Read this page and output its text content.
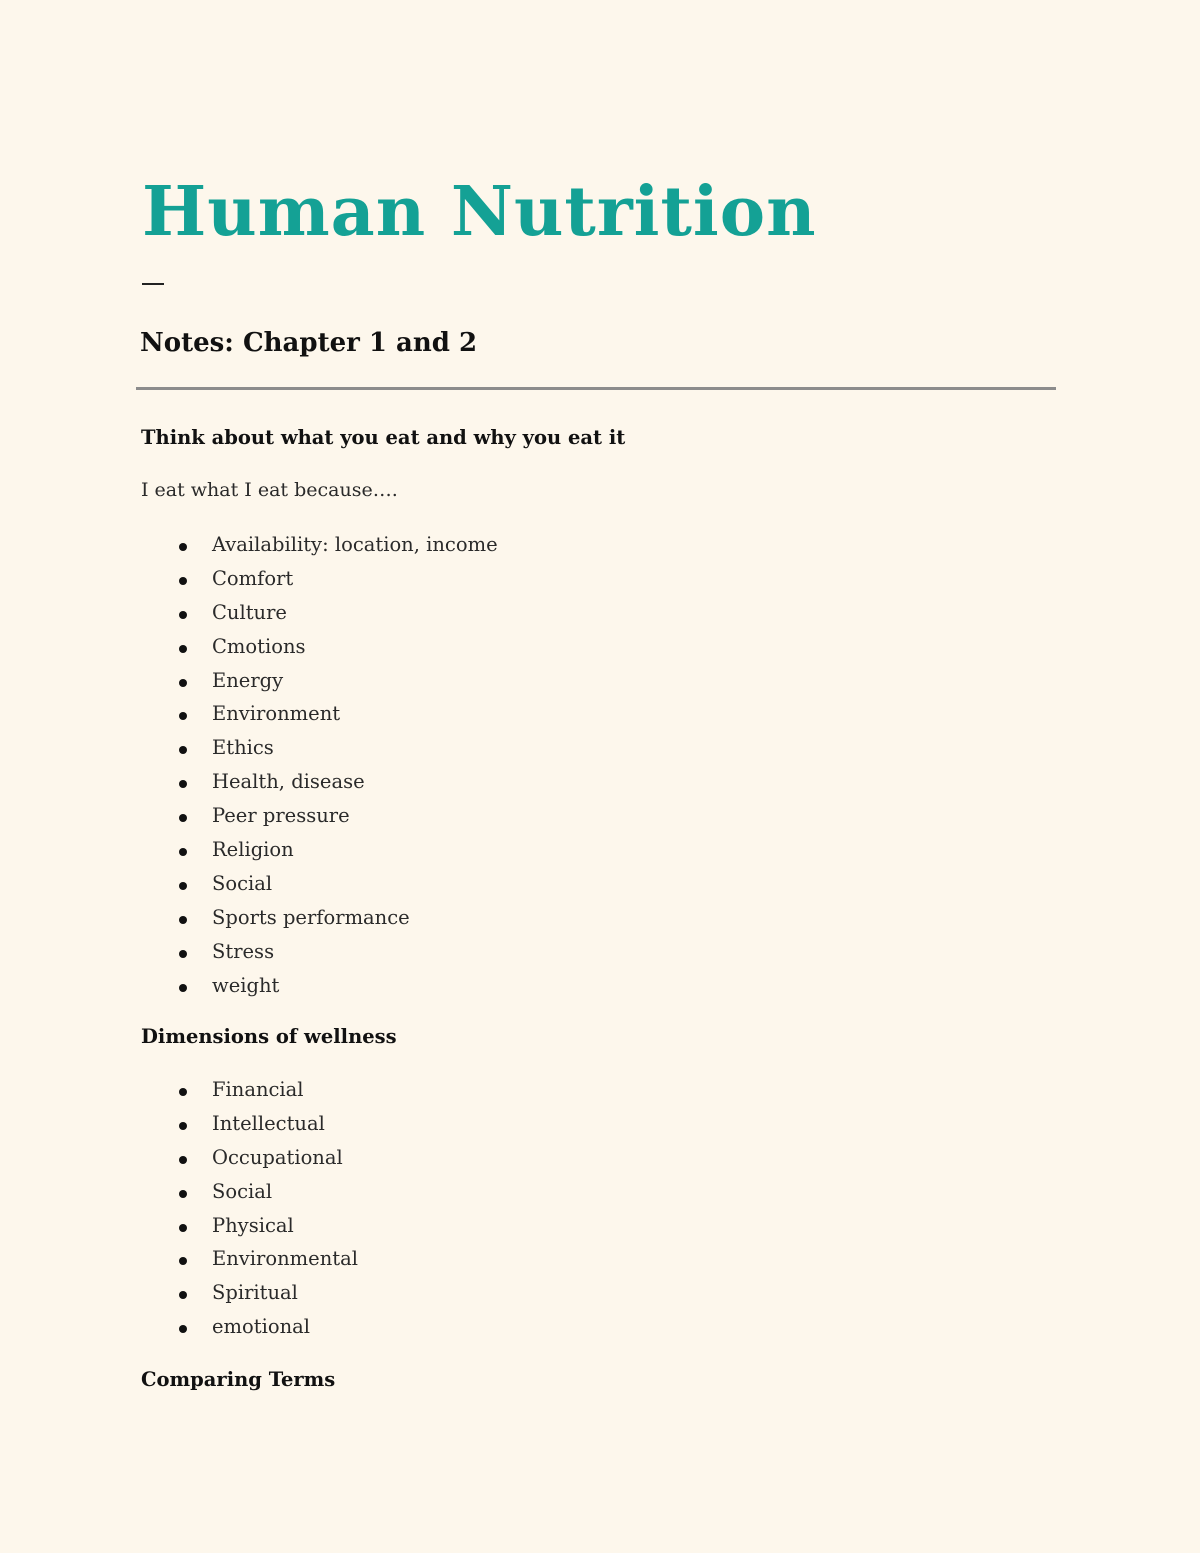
Human Nutrition
Notes: Chapter 1 and 2
Think about what you eat and why you eat it

I eat what I eat because….

Availability: location, income
Comfort
Culture
Cmotions
Energy
Environment
Ethics
Health, disease
Peer pressure
Religion
Social
Sports performance
Stress
weight
Dimensions of wellness
Financial
Intellectual
Occupational
Social
Physical
Environmental
Spiritual
emotional
Comparing Terms
